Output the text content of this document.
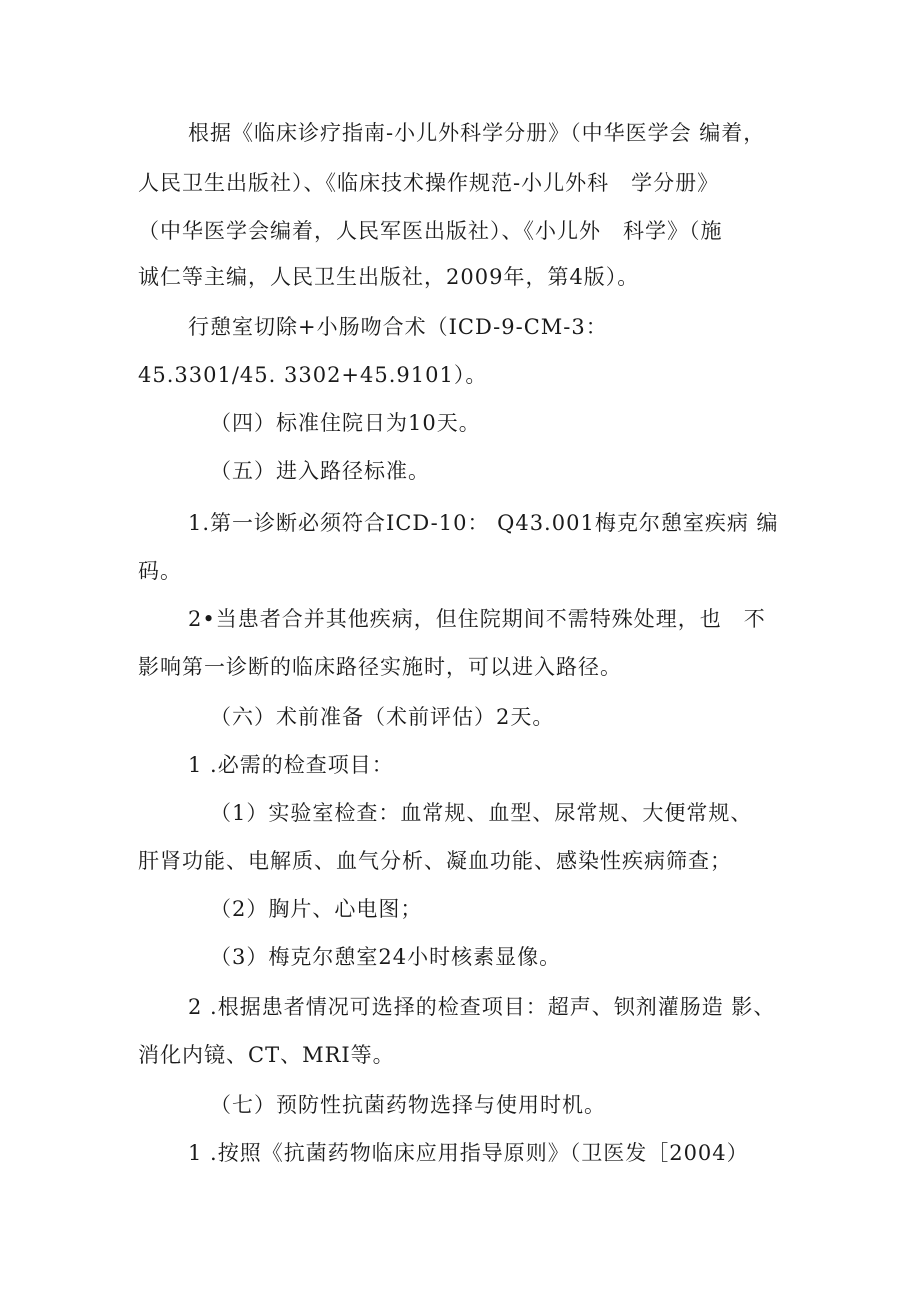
根据《临床诊疗指南-小儿外科学分册》（中华医学会 编着，
人民卫生出版社）、《临床技术操作规范-小儿外科　学分册》
（中华医学会编着，人民军医出版社）、《小儿外　科学》（施
诚仁等主编，人民卫生出版社，2009年，第4版）。
行憩室切除+小肠吻合术（ICD-9-CM-3：
45.3301/45. 3302+45.9101）。
（四）标准住院日为10天。
（五）进入路径标准。
1.第一诊断必须符合ICD-10： Q43.001梅克尔憩室疾病 编
码。
2•当患者合并其他疾病，但住院期间不需特殊处理，也　不
影响第一诊断的临床路径实施时，可以进入路径。
（六）术前准备（术前评估）2天。
1 .必需的检查项目：
（1）实验室检查：血常规、血型、尿常规、大便常规、
肝肾功能、电解质、血气分析、凝血功能、感染性疾病筛查；
（2）胸片、心电图；
（3）梅克尔憩室24小时核素显像。
2 .根据患者情况可选择的检查项目：超声、钡剂灌肠造 影、
消化内镜、CT、MRI等。
（七）预防性抗菌药物选择与使用时机。
1 .按照《抗菌药物临床应用指导原则》（卫医发［2004）
